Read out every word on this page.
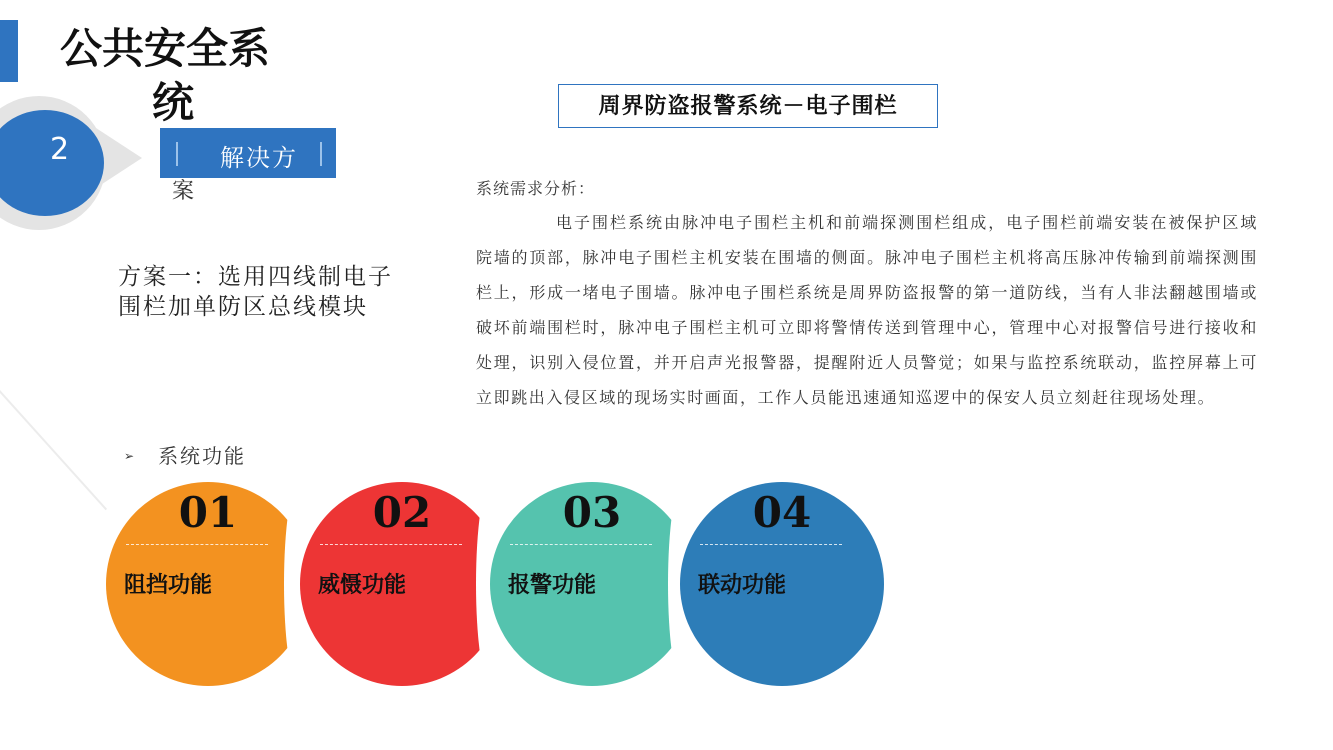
公共安全系
统
2	解决方
案
方案一：选用四线制电子围栏加单防区总线模块
周界防盗报警系统－电子围栏
系统需求分析：
电子围栏系统由脉冲电子围栏主机和前端探测围栏组成，电子围栏前端安装在被保护区域院墙的顶部，脉冲电子围栏主机安装在围墙的侧面。脉冲电子围栏主机将高压脉冲传输到前端探测围栏上，形成一堵电子围墙。脉冲电子围栏系统是周界防盗报警的第一道防线，当有人非法翻越围墙或破坏前端围栏时，脉冲电子围栏主机可立即将警情传送到管理中心，管理中心对报警信号进行接收和处理，识别入侵位置，并开启声光报警器，提醒附近人员警觉；如果与监控系统联动，监控屏幕上可立即跳出入侵区域的现场实时画面，工作人员能迅速通知巡逻中的保安人员立刻赶往现场处理。
➢ 系统功能
01
阻挡功能
02
威慑功能
03
报警功能
04
联动功能
